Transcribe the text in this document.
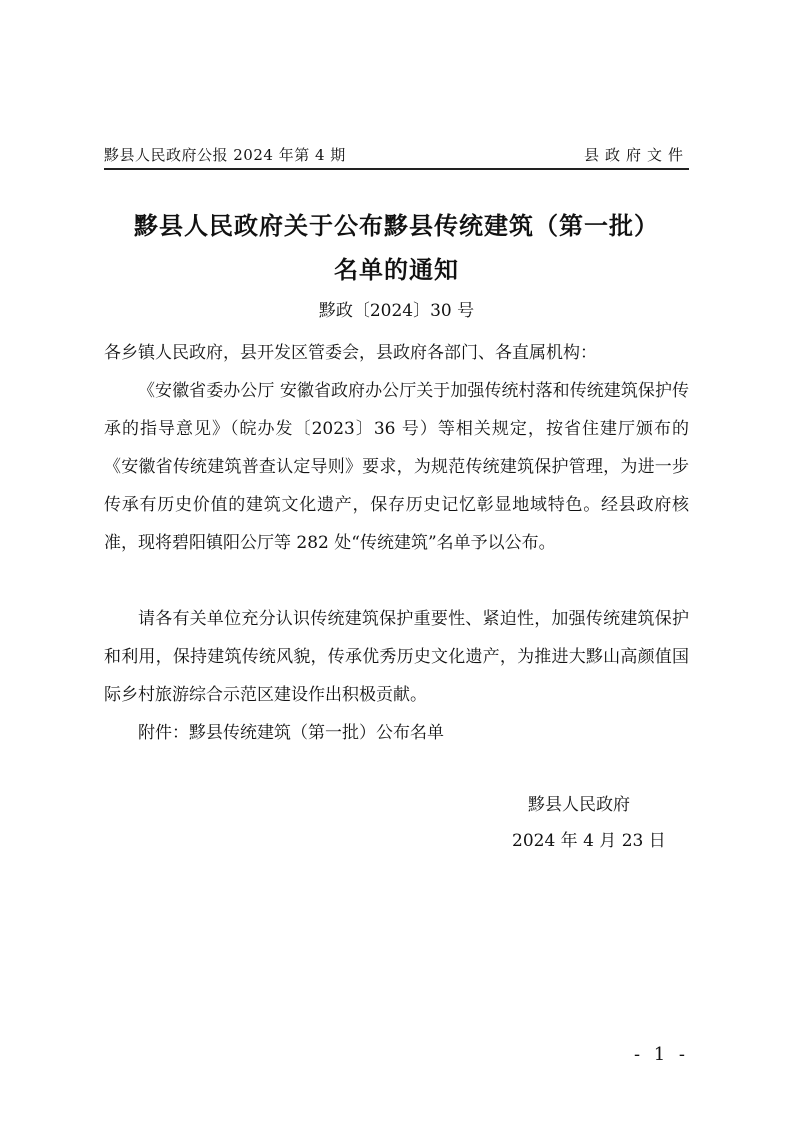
黟县人民政府公报 2024 年第 4 期	县政府文件
黟县人民政府关于公布黟县传统建筑（第一批）
名单的通知
黟政〔2024〕30 号
各乡镇人民政府，县开发区管委会，县政府各部门、各直属机构：
《安徽省委办公厅 安徽省政府办公厅关于加强传统村落和传统建筑保护传承的指导意见》（皖办发〔2023〕36 号）等相关规定，按省住建厅颁布的《安徽省传统建筑普查认定导则》要求，为规范传统建筑保护管理，为进一步传承有历史价值的建筑文化遗产，保存历史记忆彰显地域特色。经县政府核准，现将碧阳镇阳公厅等 282 处“传统建筑”名单予以公布。
请各有关单位充分认识传统建筑保护重要性、紧迫性，加强传统建筑保护和利用，保持建筑传统风貌，传承优秀历史文化遗产，为推进大黟山高颜值国际乡村旅游综合示范区建设作出积极贡献。
附件：黟县传统建筑（第一批）公布名单
黟县人民政府
2024 年 4 月 23 日
- 1 -
